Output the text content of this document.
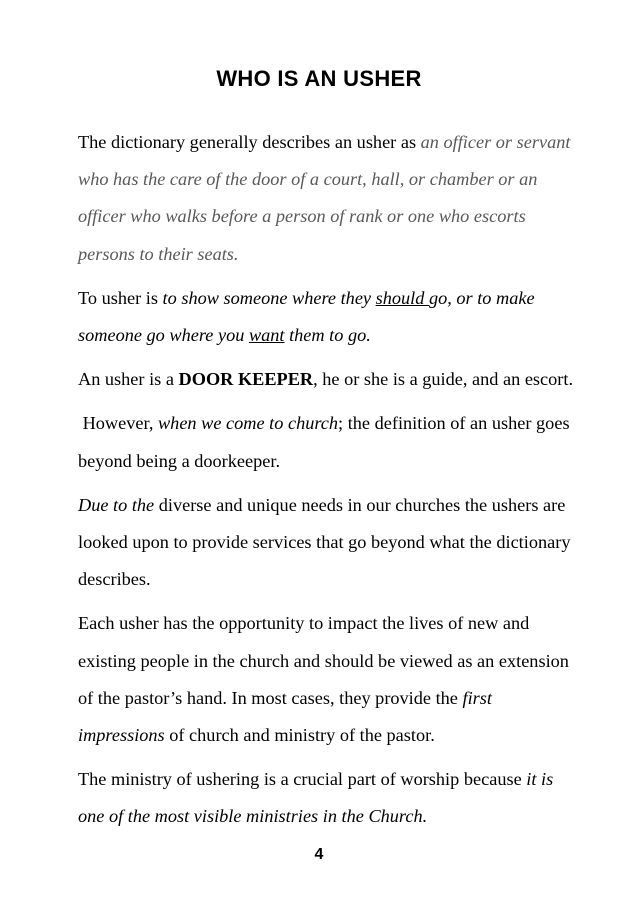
WHO IS AN USHER

The dictionary generally describes an usher as an officer or servant who has the care of the door of a court, hall, or chamber or an officer who walks before a person of rank or one who escorts persons to their seats.

To usher is to show someone where they should go, or to make someone go where you want them to go.

An usher is a DOOR KEEPER, he or she is a guide, and an escort.

However, when we come to church; the definition of an usher goes beyond being a doorkeeper.

Due to the diverse and unique needs in our churches the ushers are looked upon to provide services that go beyond what the dictionary describes.

Each usher has the opportunity to impact the lives of new and existing people in the church and should be viewed as an extension of the pastor’s hand. In most cases, they provide the first impressions of church and ministry of the pastor.

The ministry of ushering is a crucial part of worship because it is one of the most visible ministries in the Church.

4
